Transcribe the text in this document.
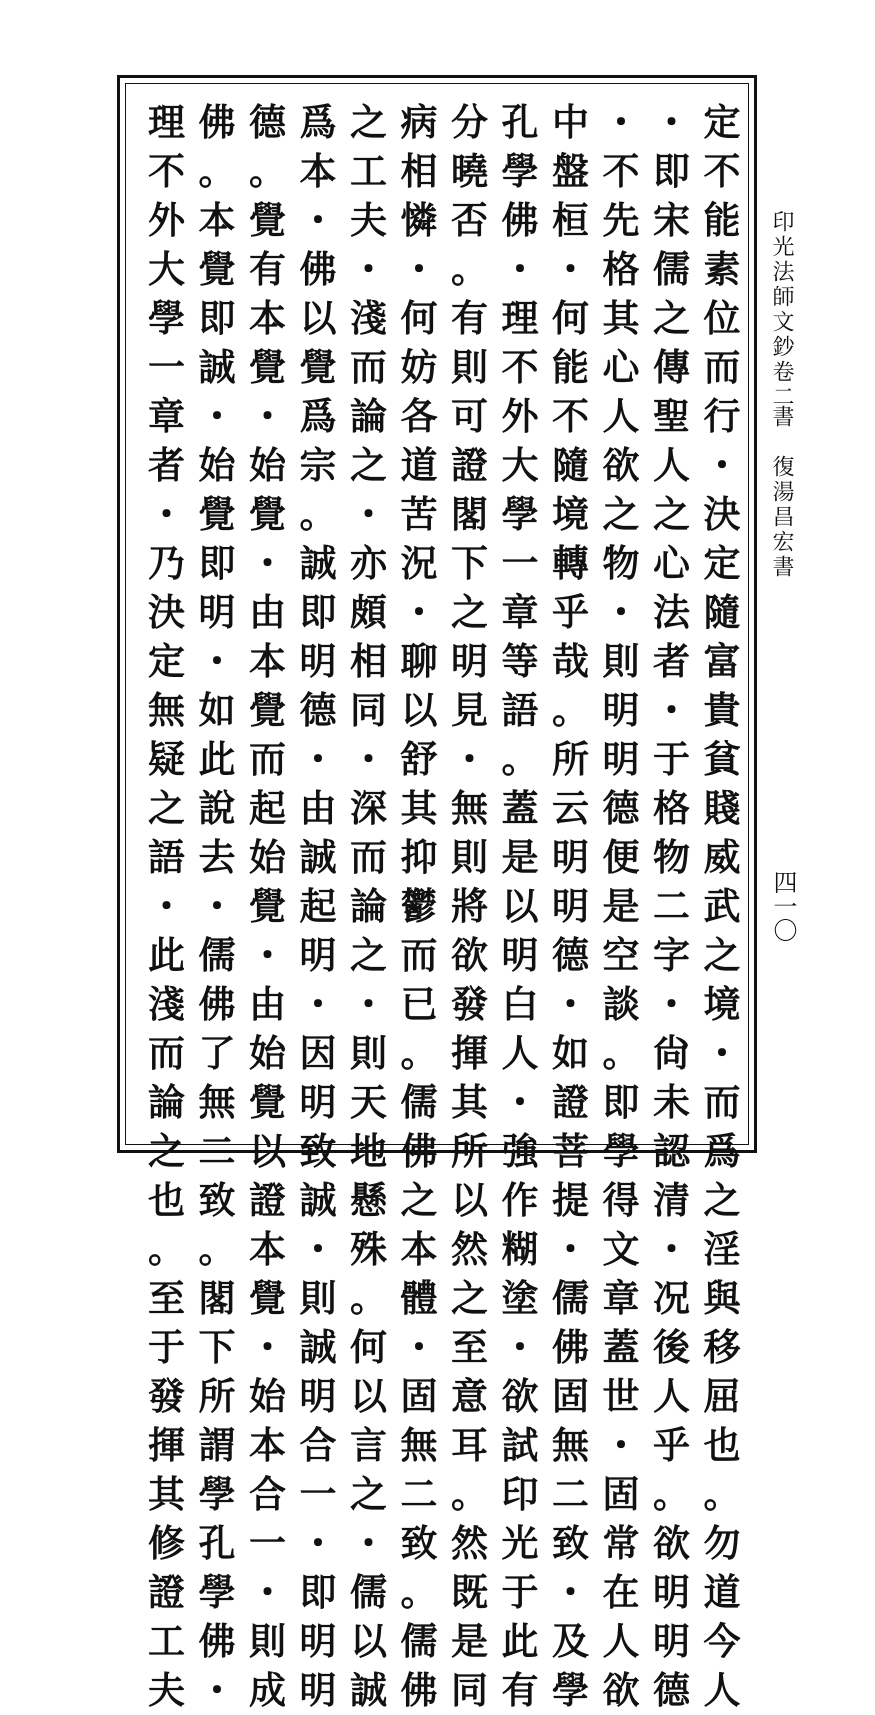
定
不
能
素
位
而
行
・
決
定
隨
富
貴
貧
賤
威
武
之
境
・
而
爲
之
淫
與
移
屈
也
。
勿
道
今
人
・
即
宋
儒
之
傳
聖
人
之
心
法
者
・
于
格
物
二
字
・
尙
未
認
清
・
况
後
人
乎
。
欲
明
明
德
・
不
先
格
其
心
人
欲
之
物
・
則
明
明
德
便
是
空
談
。
即
學
得
文
章
蓋
世
・
固
常
在
人
欲
中
盤
桓
・
何
能
不
隨
境
轉
乎
哉
。
所
云
明
明
德
・
如
證
菩
提
・
儒
佛
固
無
二
致
・
及
學
孔
學
佛
・
理
不
外
大
學
一
章
等
語
。
蓋
是
以
明
白
人
・
強
作
糊
塗
・
欲
試
印
光
于
此
有
分
曉
否
。
有
則
可
證
閣
下
之
明
見
・
無
則
將
欲
發
揮
其
所
以
然
之
至
意
耳
。
然
既
是
同
病
相
憐
・
何
妨
各
道
苦
況
・
聊
以
舒
其
抑
鬱
而
已
。
儒
佛
之
本
體
・
固
無
二
致
。
儒
佛
之
工
夫
・
淺
而
論
之
・
亦
頗
相
同
・
深
而
論
之
・
則
天
地
懸
殊
。
何
以
言
之
・
儒
以
誠
爲
本
・
佛
以
覺
爲
宗
。
誠
即
明
德
・
由
誠
起
明
・
因
明
致
誠
・
則
誠
明
合
一
・
即
明
明
德
。
覺
有
本
覺
・
始
覺
・
由
本
覺
而
起
始
覺
・
由
始
覺
以
證
本
覺
・
始
本
合
一
・
則
成
佛
。
本
覺
即
誠
・
始
覺
即
明
・
如
此
說
去
・
儒
佛
了
無
二
致
。
閣
下
所
謂
學
孔
學
佛
・
理
不
外
大
學
一
章
者
・
乃
決
定
無
疑
之
語
・
此
淺
而
論
之
也
。
至
于
發
揮
其
修
證
工
夫
印光法師文鈔卷二
書
復湯昌宏書
四一〇
